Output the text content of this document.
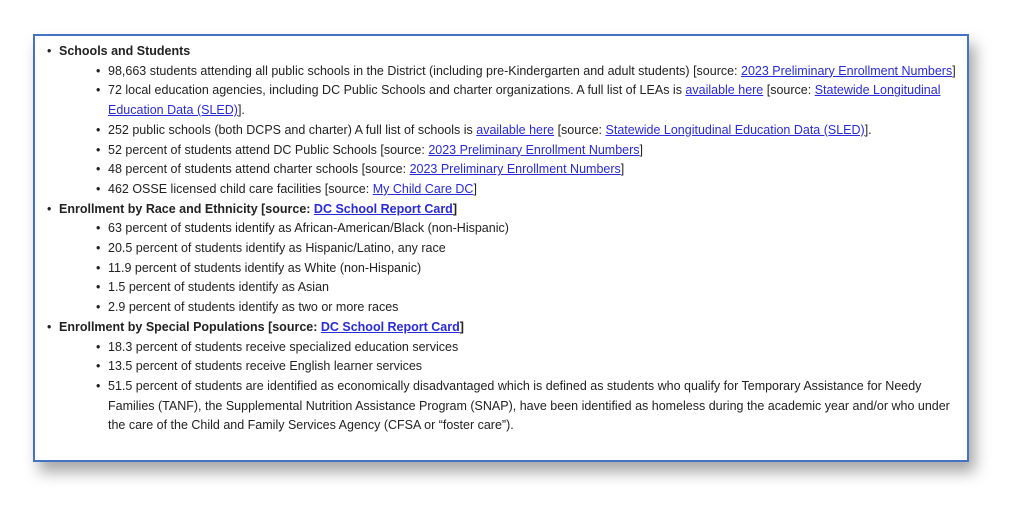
• Schools and Students
• 98,663 students attending all public schools in the District (including pre-Kindergarten and adult students) [source: 2023 Preliminary Enrollment Numbers]
• 72 local education agencies, including DC Public Schools and charter organizations. A full list of LEAs is available here [source: Statewide Longitudinal Education Data (SLED)].
• 252 public schools (both DCPS and charter) A full list of schools is available here [source: Statewide Longitudinal Education Data (SLED)].
• 52 percent of students attend DC Public Schools [source: 2023 Preliminary Enrollment Numbers]
• 48 percent of students attend charter schools [source: 2023 Preliminary Enrollment Numbers]
• 462 OSSE licensed child care facilities [source: My Child Care DC]
• Enrollment by Race and Ethnicity [source: DC School Report Card]
• 63 percent of students identify as African-American/Black (non-Hispanic)
• 20.5 percent of students identify as Hispanic/Latino, any race
• 11.9 percent of students identify as White (non-Hispanic)
• 1.5 percent of students identify as Asian
• 2.9 percent of students identify as two or more races
• Enrollment by Special Populations [source: DC School Report Card]
• 18.3 percent of students receive specialized education services
• 13.5 percent of students receive English learner services
• 51.5 percent of students are identified as economically disadvantaged which is defined as students who qualify for Temporary Assistance for Needy Families (TANF), the Supplemental Nutrition Assistance Program (SNAP), have been identified as homeless during the academic year and/or who under the care of the Child and Family Services Agency (CFSA or “foster care”).
